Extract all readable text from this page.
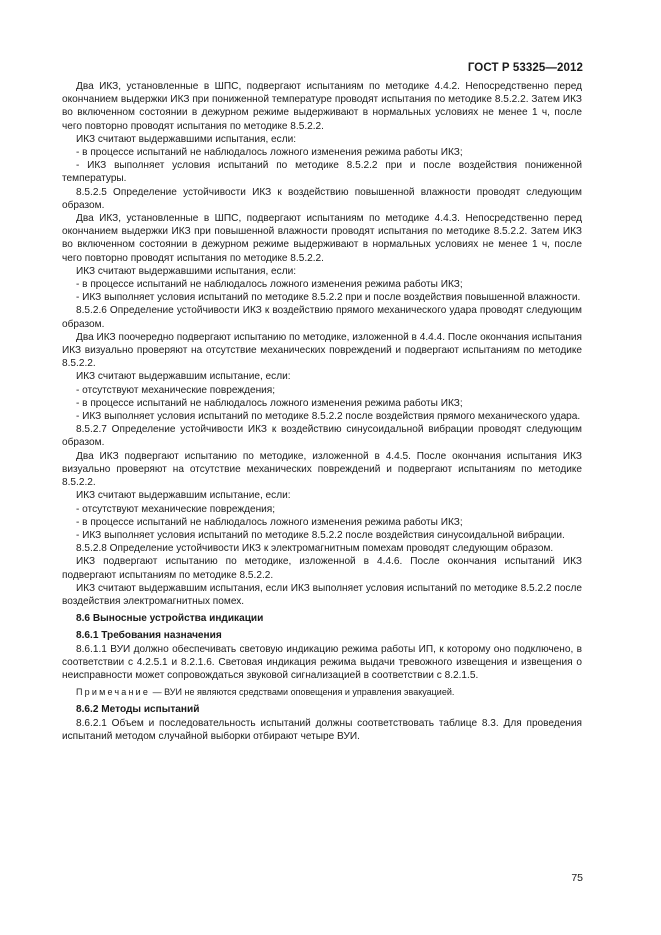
ГОСТ Р 53325—2012

Два ИКЗ, установленные в ШПС, подвергают испытаниям по методике 4.4.2. Непосредственно перед окончанием выдержки ИКЗ при пониженной температуре проводят испытания по методике 8.5.2.2. Затем ИКЗ во включенном состоянии в дежурном режиме выдерживают в нормальных условиях не менее 1 ч, после чего повторно проводят испытания по методике 8.5.2.2.

ИКЗ считают выдержавшими испытания, если:

- в процессе испытаний не наблюдалось ложного изменения режима работы ИКЗ;

- ИКЗ выполняет условия испытаний по методике 8.5.2.2 при и после воздействия пониженной температуры.

8.5.2.5 Определение устойчивости ИКЗ к воздействию повышенной влажности проводят следующим образом.

Два ИКЗ, установленные в ШПС, подвергают испытаниям по методике 4.4.3. Непосредственно перед окончанием выдержки ИКЗ при повышенной влажности проводят испытания по методике 8.5.2.2. Затем ИКЗ во включенном состоянии в дежурном режиме выдерживают в нормальных условиях не менее 1 ч, после чего повторно проводят испытания по методике 8.5.2.2.

ИКЗ считают выдержавшими испытания, если:

- в процессе испытаний не наблюдалось ложного изменения режима работы ИКЗ;

- ИКЗ выполняет условия испытаний по методике 8.5.2.2 при и после воздействия повышенной влажности.

8.5.2.6 Определение устойчивости ИКЗ к воздействию прямого механического удара проводят следующим образом.

Два ИКЗ поочередно подвергают испытанию по методике, изложенной в 4.4.4. После окончания испытания ИКЗ визуально проверяют на отсутствие механических повреждений и подвергают испытаниям по методике 8.5.2.2.

ИКЗ считают выдержавшим испытание, если:

- отсутствуют механические повреждения;

- в процессе испытаний не наблюдалось ложного изменения режима работы ИКЗ;

- ИКЗ выполняет условия испытаний по методике 8.5.2.2 после воздействия прямого механического удара.

8.5.2.7 Определение устойчивости ИКЗ к воздействию синусоидальной вибрации проводят следующим образом.

Два ИКЗ подвергают испытанию по методике, изложенной в 4.4.5. После окончания испытания ИКЗ визуально проверяют на отсутствие механических повреждений и подвергают испытаниям по методике 8.5.2.2.

ИКЗ считают выдержавшим испытание, если:

- отсутствуют механические повреждения;

- в процессе испытаний не наблюдалось ложного изменения режима работы ИКЗ;

- ИКЗ выполняет условия испытаний по методике 8.5.2.2 после воздействия синусоидальной вибрации.

8.5.2.8 Определение устойчивости ИКЗ к электромагнитным помехам проводят следующим образом.

ИКЗ подвергают испытанию по методике, изложенной в 4.4.6. После окончания испытаний ИКЗ подвергают испытаниям по методике 8.5.2.2.

ИКЗ считают выдержавшим испытания, если ИКЗ выполняет условия испытаний по методике 8.5.2.2 после воздействия электромагнитных помех.

8.6 Выносные устройства индикации

8.6.1 Требования назначения

8.6.1.1 ВУИ должно обеспечивать световую индикацию режима работы ИП, к которому оно подключено, в соответствии с 4.2.5.1 и 8.2.1.6. Световая индикация режима выдачи тревожного извещения и извещения о неисправности может сопровождаться звуковой сигнализацией в соответствии с 8.2.1.5.

Примечание — ВУИ не являются средствами оповещения и управления эвакуацией.

8.6.2 Методы испытаний

8.6.2.1 Объем и последовательность испытаний должны соответствовать таблице 8.3. Для проведения испытаний методом случайной выборки отбирают четыре ВУИ.

75
